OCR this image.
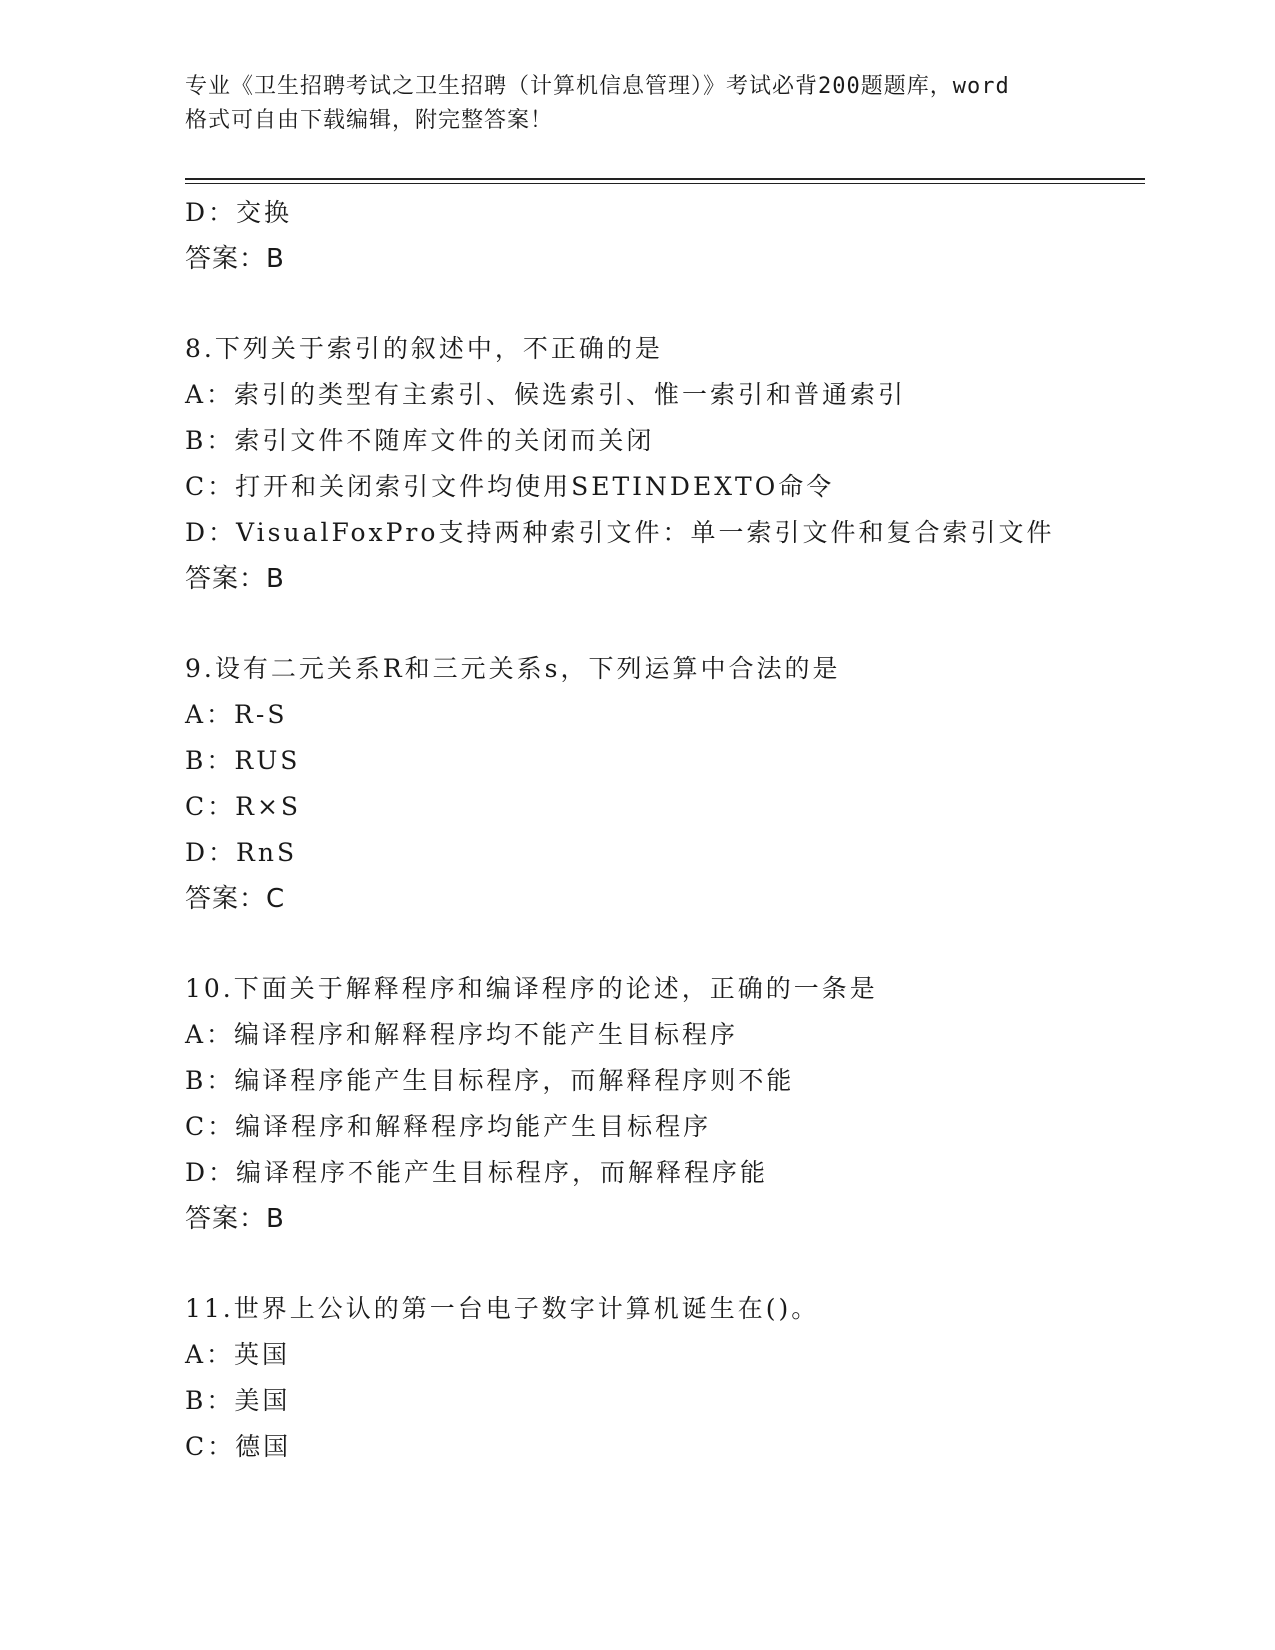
专业《卫生招聘考试之卫生招聘（计算机信息管理）》考试必背200题题库，word
格式可自由下载编辑，附完整答案！
D：交换
答案：B
8.下列关于索引的叙述中，不正确的是
A：索引的类型有主索引、候选索引、惟一索引和普通索引
B：索引文件不随库文件的关闭而关闭
C：打开和关闭索引文件均使用SETINDEXTO命令
D：VisualFoxPro支持两种索引文件：单一索引文件和复合索引文件
答案：B
9.设有二元关系R和三元关系s，下列运算中合法的是
A：R-S
B：RUS
C：R×S
D：RnS
答案：C
10.下面关于解释程序和编译程序的论述，正确的一条是
A：编译程序和解释程序均不能产生目标程序
B：编译程序能产生目标程序，而解释程序则不能
C：编译程序和解释程序均能产生目标程序
D：编译程序不能产生目标程序，而解释程序能
答案：B
11.世界上公认的第一台电子数字计算机诞生在()。
A：英国
B：美国
C：德国
